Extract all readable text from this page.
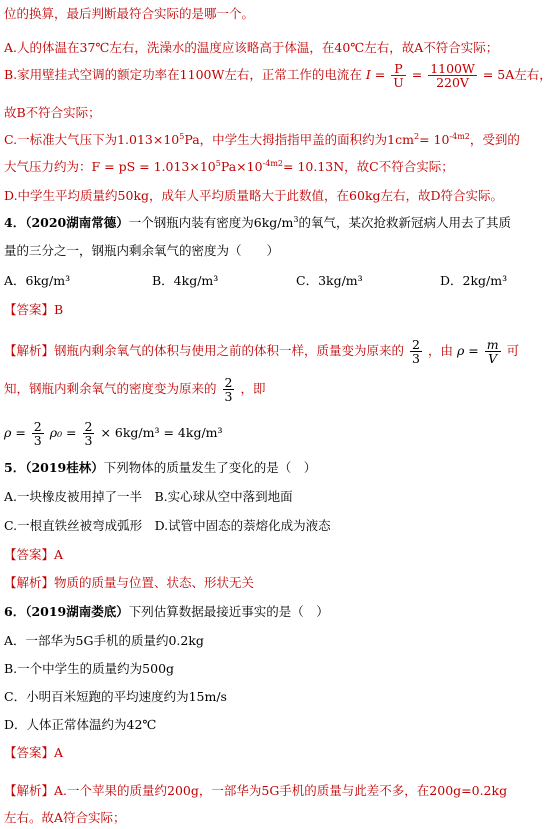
位的换算，最后判断最符合实际的是哪一个。
A.人的体温在37℃左右，洗澡水的温度应该略高于体温，在40℃左右，故A不符合实际；
B.家用壁挂式空调的额定功率在1100W左右，正常工作的电流在 $I = \frac{P}{U} = \frac{1100W}{220V} = 5A$左右，
故B不符合实际；
C.一标准大气压下为$1.013\times 10^5Pa$，中学生大拇指指甲盖的面积约为$1cm^2= 10^{-4m2}$，受到的
大气压力约为：F = pS = $1.013\times 10^5Pa\times 10^{-4m2}= 10.13N$，故C不符合实际；
D.中学生平均质量约50kg，成年人平均质量略大于此数值，在60kg左右，故D符合实际。
4．（2020湖南常德）一个钢瓶内装有密度为$6kg/m^3$的氧气，某次抢救新冠病人用去了其质
量的三分之一，钢瓶内剩余氧气的密度为（　　）
A．6kg/m³	B．4kg/m³	C．3kg/m³	D．2kg/m³
【答案】B
【解析】钢瓶内剩余氧气的体积与使用之前的体积一样，质量变为原来的 $\frac{2}{3}$ ，由 $\rho = \frac{m}{V}$ 可
知，钢瓶内剩余氧气的密度变为原来的 $\frac{2}{3}$ ，即
$\rho = \frac{2}{3} \rho_0 = \frac{2}{3} \times 6kg/m^3 = 4kg/m^3$
5．（2019桂林）下列物体的质量发生了变化的是（　）
A.一块橡皮被用掉了一半　B.实心球从空中落到地面
C.一根直铁丝被弯成弧形　D.试管中固态的萘熔化成为液态
【答案】A
【解析】物质的质量与位置、状态、形状无关
6．（2019湖南娄底）下列估算数据最接近事实的是（　）
A．一部华为5G手机的质量约0.2kg
B.一个中学生的质量约为500g
C．小明百米短跑的平均速度约为15m/s
D．人体正常体温约为42℃
【答案】A
【解析】A.一个苹果的质量约200g，一部华为5G手机的质量与此差不多，在200g=0.2kg
左右。故A符合实际；
